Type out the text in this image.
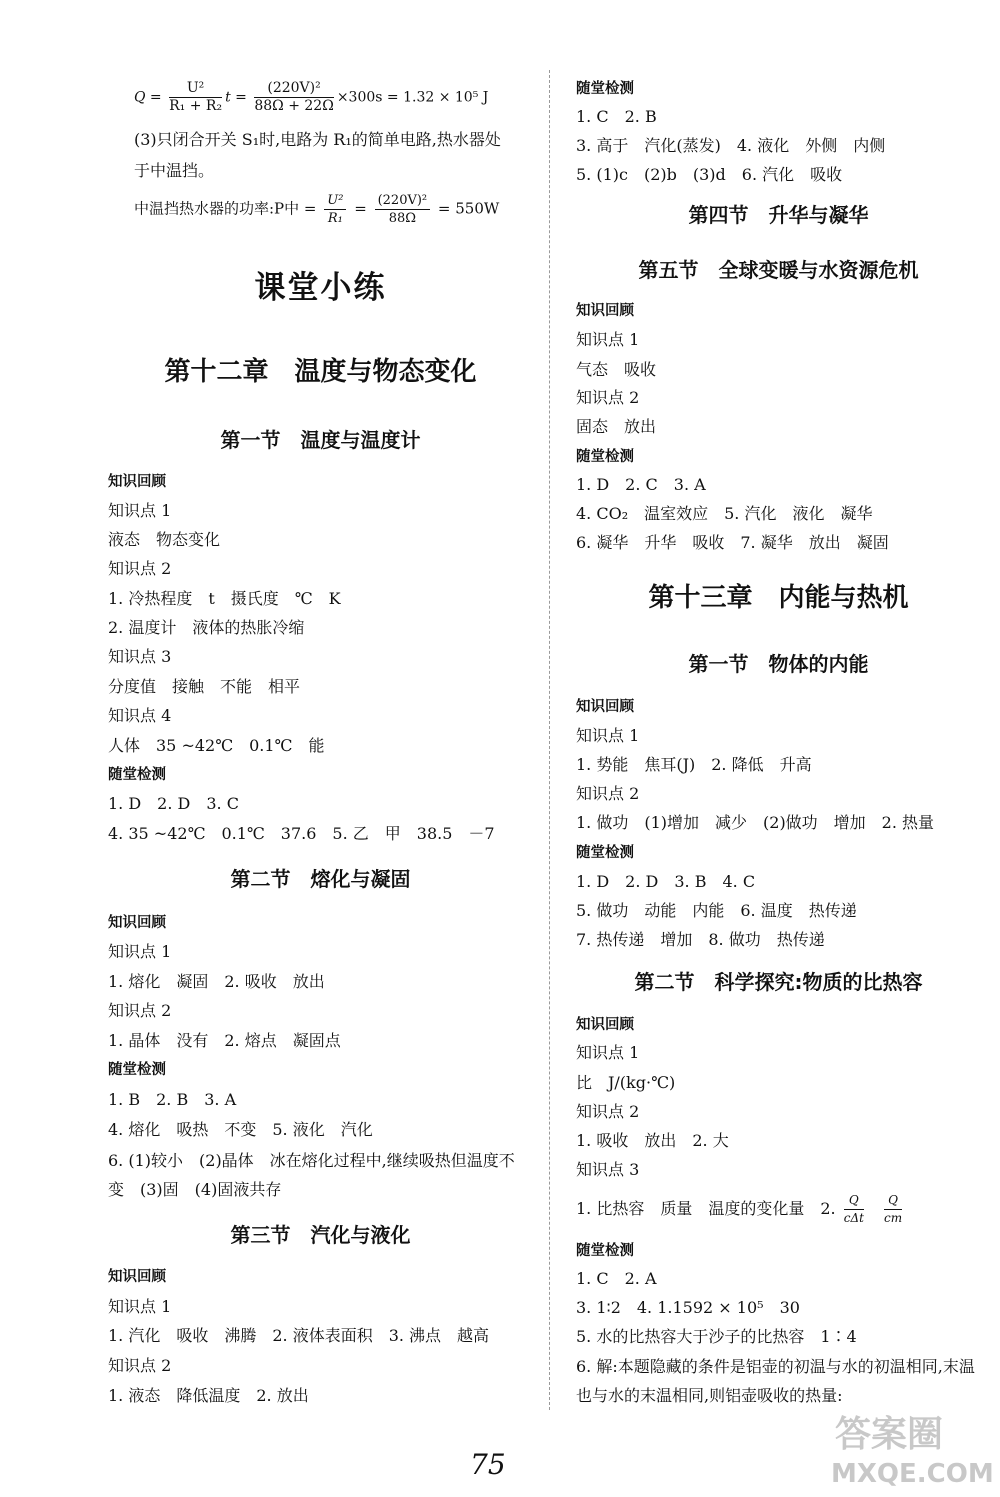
$Q = \frac{\text{U²}}{\text{R₁ + R₂}}$ $t = \frac{\text{(220V)²}}{88\Omega + 22\Omega} \times 300s = 1.32 \times 10^5$ J
(3)只闭合开关 S₁时,电路为 R₁的简单电路,热水器处
于中温挡。
中温挡热水器的功率:P中 = $\frac{\text{U²}}{\text{R₁}} = \frac{\text{(220V)²}}{88\Omega} = 550W$
课堂小练
第十二章　温度与物态变化
第一节　温度与温度计
知识回顾
知识点 1
液态　物态变化
知识点 2
1. 冷热程度　t　摄氏度　℃　K
2. 温度计　液体的热胀冷缩
知识点 3
分度值　接触　不能　相平
知识点 4
人体　35 ~42℃　0.1℃　能
随堂检测
1. D　2. D　3. C
4. 35 ~42℃　0.1℃　37.6　5. 乙　甲　38.5　－7
第二节　熔化与凝固
知识回顾
知识点 1
1. 熔化　凝固　2. 吸收　放出
知识点 2
1. 晶体　没有　2. 熔点　凝固点
随堂检测
1. B　2. B　3. A
4. 熔化　吸热　不变　5. 液化　汽化
6. (1)较小　(2)晶体　冰在熔化过程中,继续吸热但温度不变　(3)固　(4)固液共存
第三节　汽化与液化
知识回顾
知识点 1
1. 汽化　吸收　沸腾　2. 液体表面积　3. 沸点　越高
知识点 2
1. 液态　降低温度　2. 放出
随堂检测
1. C　2. B
3. 高于　汽化(蒸发)　4. 液化　外侧　内侧
5. (1)c　(2)b　(3)d　6. 汽化　吸收
第四节　升华与凝华
第五节　全球变暖与水资源危机
知识回顾
知识点 1
气态　吸收
知识点 2
固态　放出
随堂检测
1. D　2. C　3. A
4. CO₂　温室效应　5. 汽化　液化　凝华
6. 凝华　升华　吸收　7. 凝华　放出　凝固
第十三章　内能与热机
第一节　物体的内能
知识回顾
知识点 1
1. 势能　焦耳(J)　2. 降低　升高
知识点 2
1. 做功　(1)增加　减少　(2)做功　增加　2. 热量
随堂检测
1. D　2. D　3. B　4. C
5. 做功　动能　内能　6. 温度　热传递
7. 热传递　增加　8. 做功　热传递
第二节　科学探究:物质的比热容
知识回顾
知识点 1
比　J/(kg·℃)
知识点 2
1. 吸收　放出　2. 大
知识点 3
1. 比热容　质量　温度的变化量　2. $\frac{Q}{\text{cΔt}}$
$\frac{Q}{cm}$
随堂检测
1. C　2. A
3. 1∶2　4. 1.1592 × 10⁵　30
5. 水的比热容大于沙子的比热容　1∶4
6. 解:本题隐藏的条件是铝壶的初温与水的初温相同,末温也与水的末温相同,则铝壶吸收的热量:
75
答案圈
MXQE.COM
